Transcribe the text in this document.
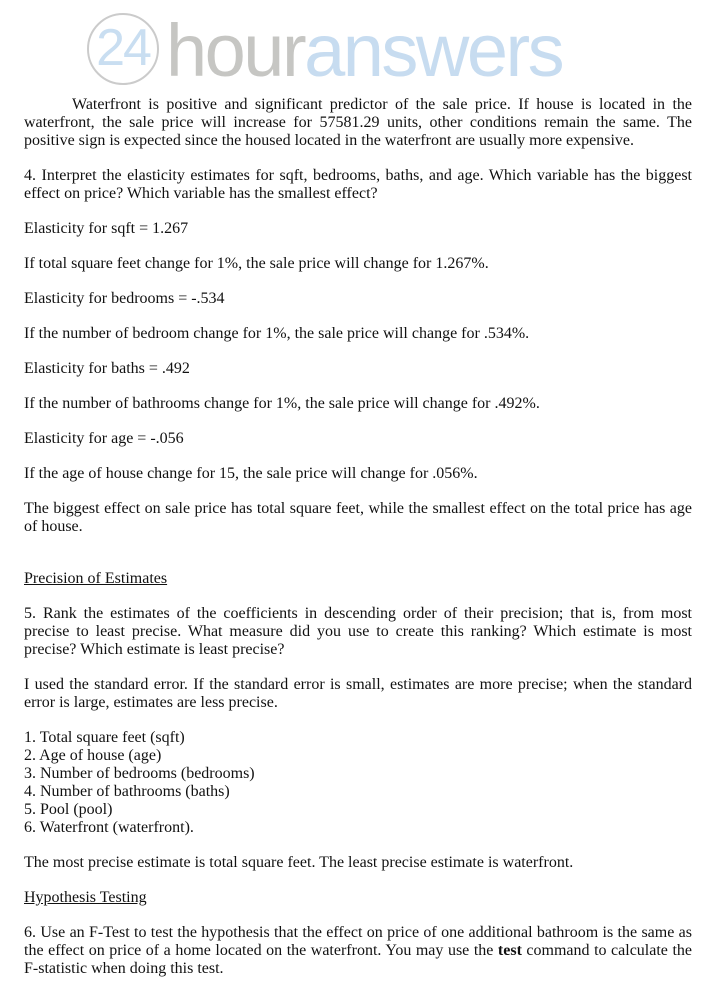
24 houranswers

Waterfront is positive and significant predictor of the sale price. If house is located in the waterfront, the sale price will increase for 57581.29 units, other conditions remain the same. The positive sign is expected since the housed located in the waterfront are usually more expensive.

4. Interpret the elasticity estimates for sqft, bedrooms, baths, and age. Which variable has the biggest effect on price? Which variable has the smallest effect?

Elasticity for sqft = 1.267

If total square feet change for 1%, the sale price will change for 1.267%.

Elasticity for bedrooms = -.534

If the number of bedroom change for 1%, the sale price will change for .534%.

Elasticity for baths = .492

If the number of bathrooms change for 1%, the sale price will change for .492%.

Elasticity for age = -.056

If the age of house change for 15, the sale price will change for .056%.

The biggest effect on sale price has total square feet, while the smallest effect on the total price has age of house.

Precision of Estimates

5. Rank the estimates of the coefficients in descending order of their precision; that is, from most precise to least precise. What measure did you use to create this ranking? Which estimate is most precise? Which estimate is least precise?

I used the standard error. If the standard error is small, estimates are more precise; when the standard error is large, estimates are less precise.

1. Total square feet (sqft)

2. Age of house (age)

3. Number of bedrooms (bedrooms)

4. Number of bathrooms (baths)

5. Pool (pool)

6. Waterfront (waterfront).

The most precise estimate is total square feet. The least precise estimate is waterfront.

Hypothesis Testing

6. Use an F-Test to test the hypothesis that the effect on price of one additional bathroom is the same as the effect on price of a home located on the waterfront. You may use the test command to calculate the F-statistic when doing this test.
